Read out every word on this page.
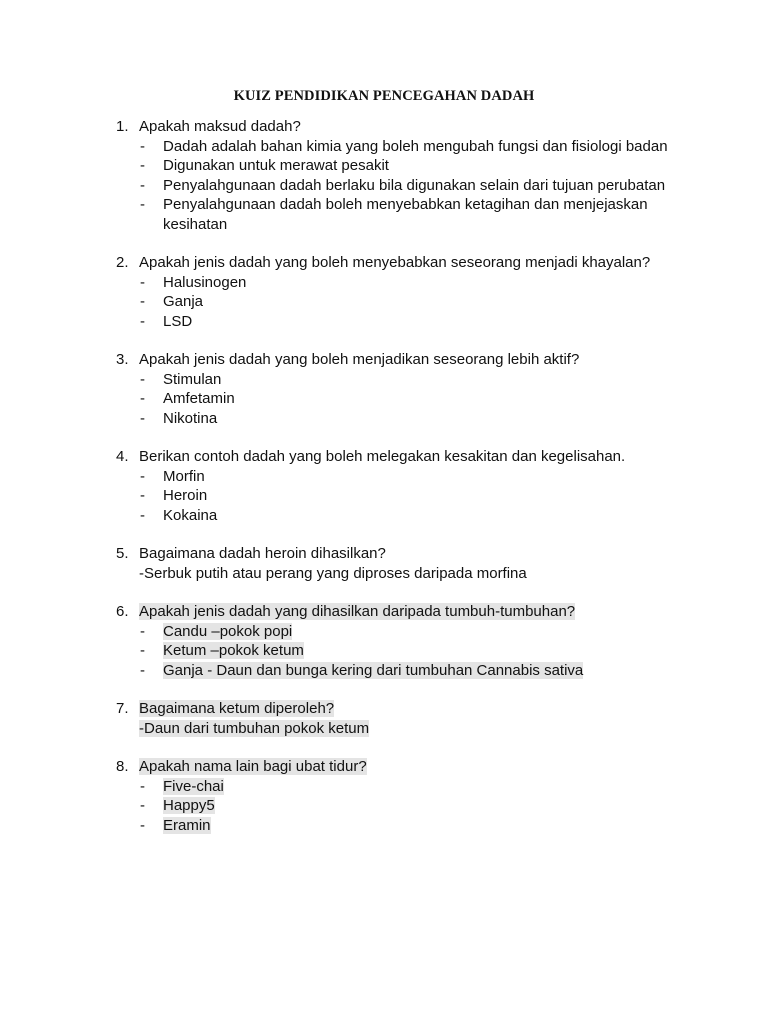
KUIZ PENDIDIKAN PENCEGAHAN DADAH
1. Apakah maksud dadah?
- Dadah adalah bahan kimia yang boleh mengubah fungsi dan fisiologi badan
- Digunakan untuk merawat pesakit
- Penyalahgunaan dadah berlaku bila digunakan selain dari tujuan perubatan
- Penyalahgunaan dadah boleh menyebabkan ketagihan dan menjejaskan kesihatan
2. Apakah jenis dadah yang boleh menyebabkan seseorang menjadi khayalan?
- Halusinogen
- Ganja
- LSD
3. Apakah jenis dadah yang boleh menjadikan seseorang lebih aktif?
- Stimulan
- Amfetamin
- Nikotina
4. Berikan contoh dadah yang boleh melegakan kesakitan dan kegelisahan.
- Morfin
- Heroin
- Kokaina
5. Bagaimana dadah heroin dihasilkan?
-Serbuk putih atau perang yang diproses daripada morfina
6. Apakah jenis dadah yang dihasilkan daripada tumbuh-tumbuhan?
- Candu –pokok popi
- Ketum –pokok ketum
- Ganja - Daun dan bunga kering dari tumbuhan Cannabis sativa
7. Bagaimana ketum diperoleh?
-Daun dari tumbuhan pokok ketum
8. Apakah nama lain bagi ubat tidur?
- Five-chai
- Happy5
- Eramin
